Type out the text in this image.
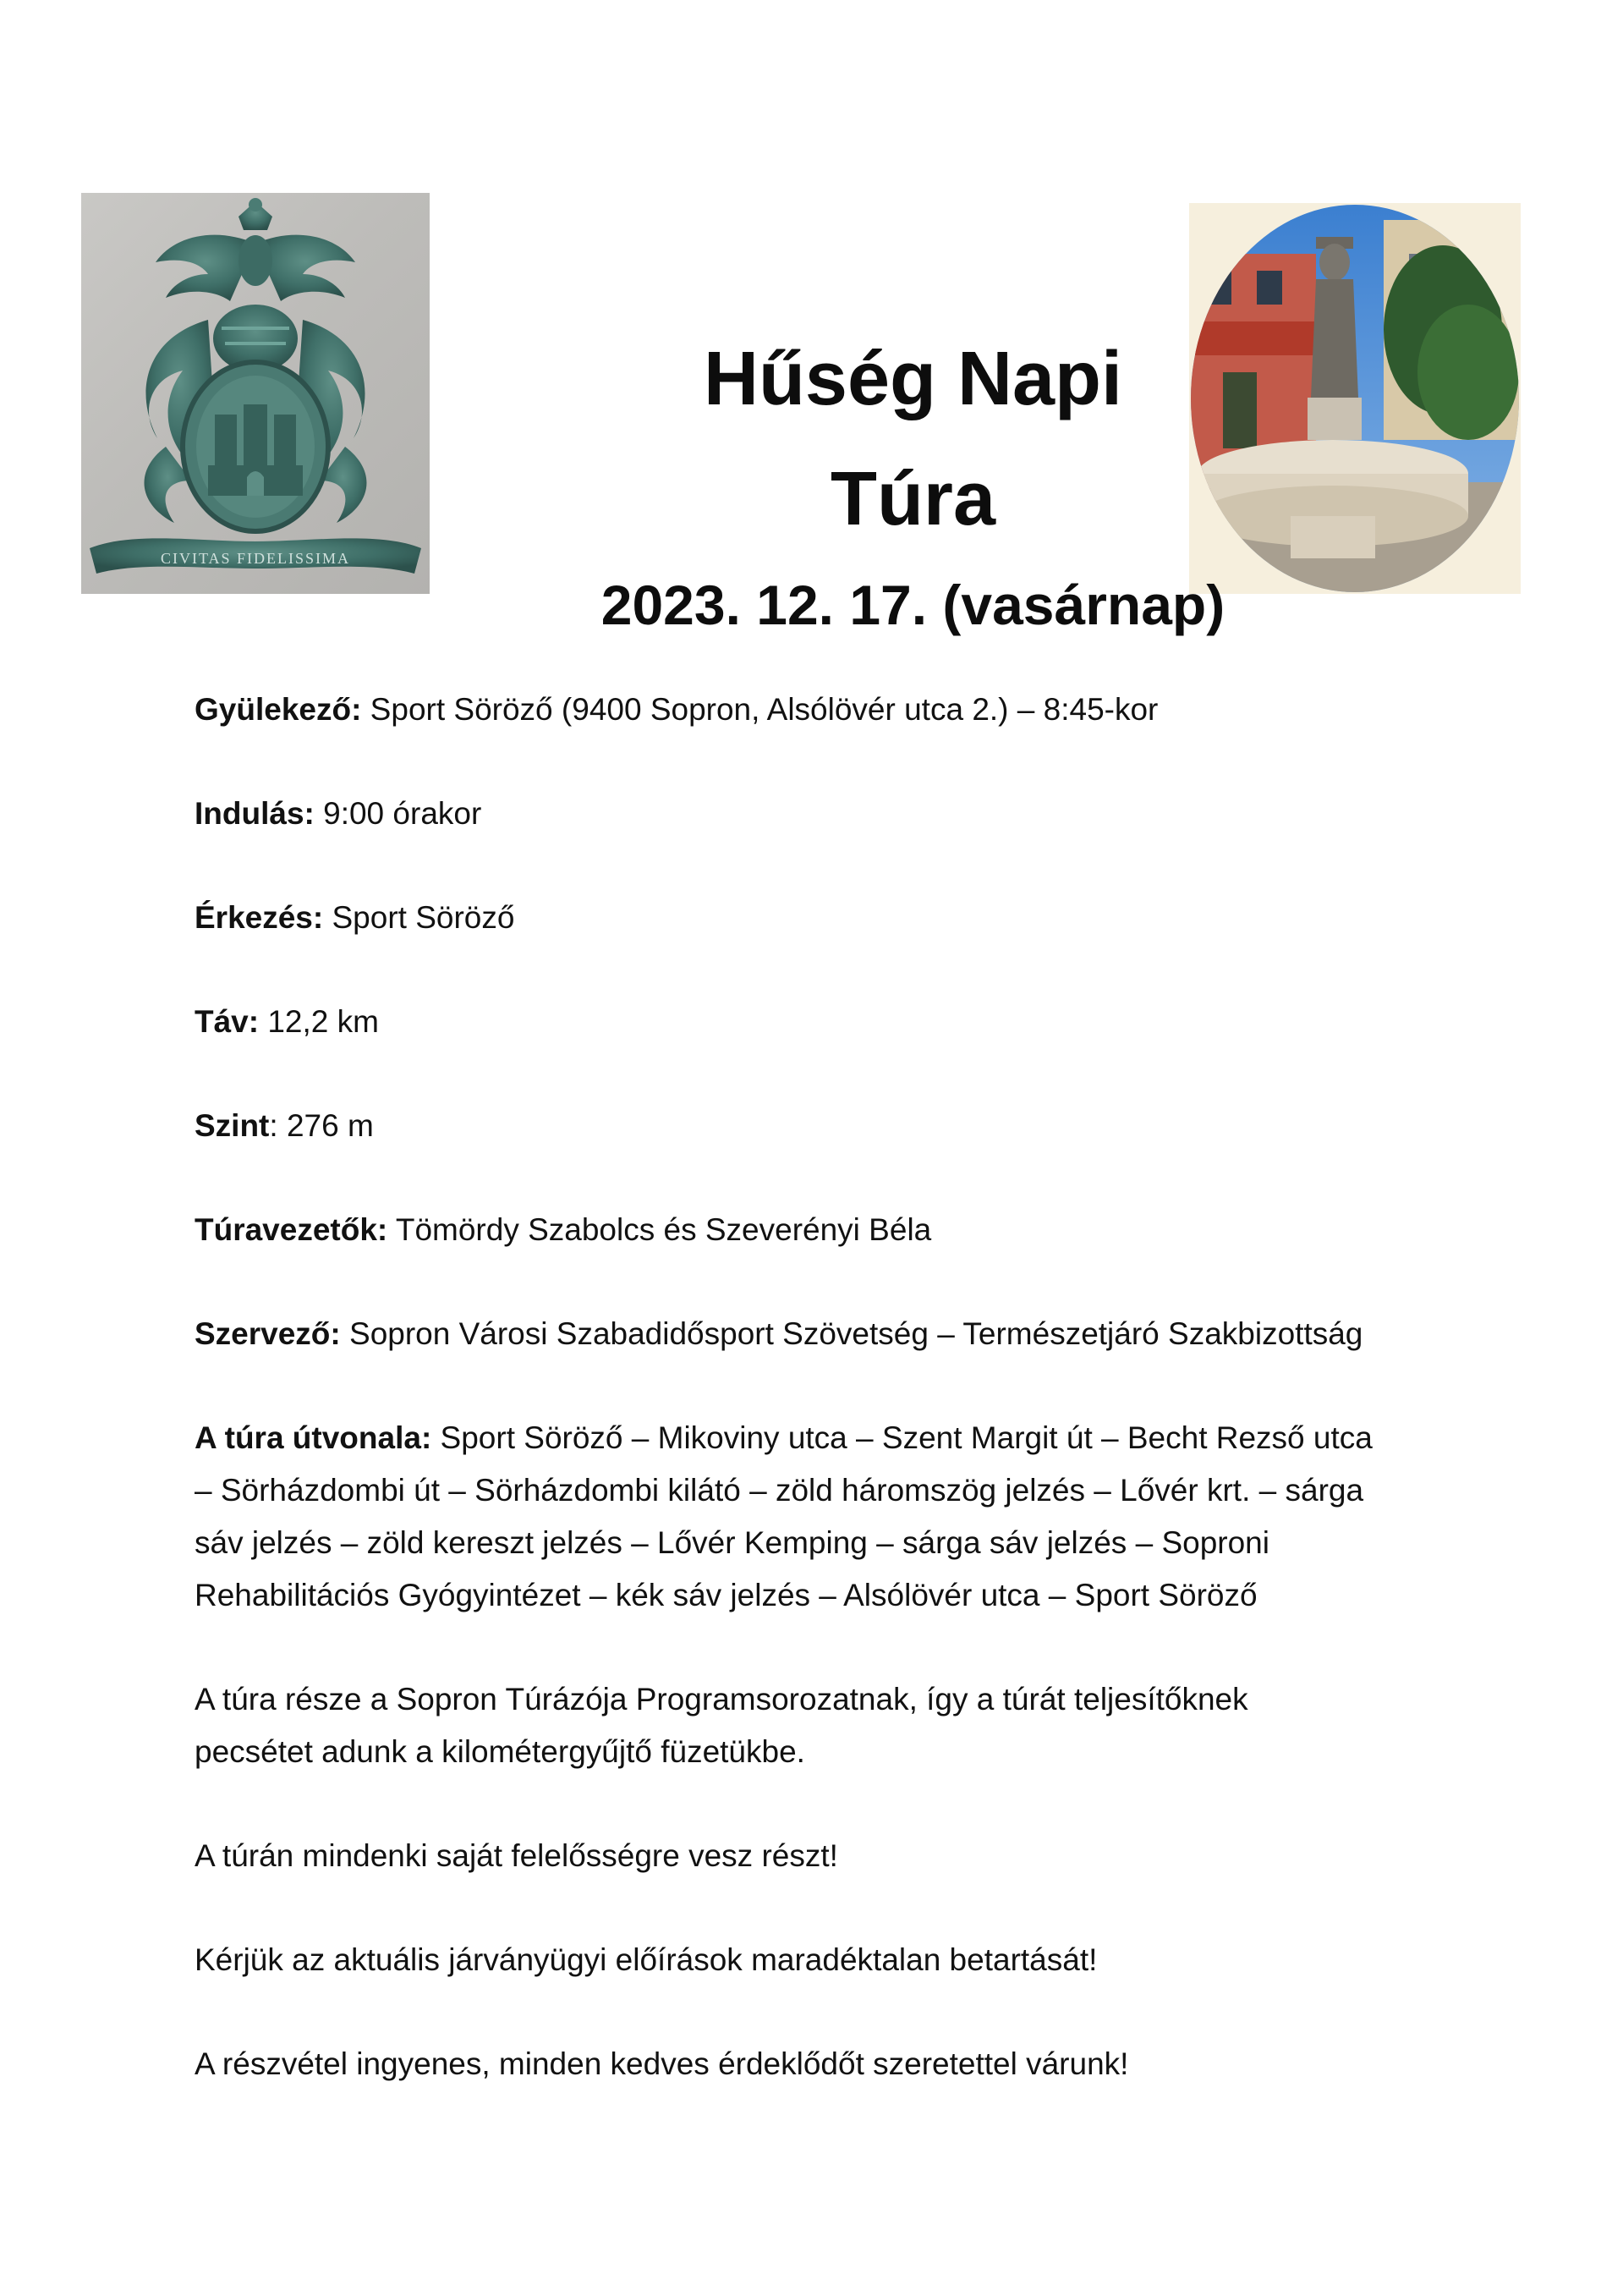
CIVITAS FIDELISSIMA
Hűség Napi
Túra
2023. 12. 17. (vasárnap)

Gyülekező: Sport Söröző (9400 Sopron, Alsólövér utca 2.) – 8:45-kor

Indulás: 9:00 órakor

Érkezés: Sport Söröző

Táv: 12,2 km

Szint: 276 m

Túravezetők: Tömördy Szabolcs és Szeverényi Béla

Szervező: Sopron Városi Szabadidősport Szövetség – Természetjáró Szakbizottság

A túra útvonala: Sport Söröző – Mikoviny utca – Szent Margit út – Becht Rezső utca

– Sörházdombi út – Sörházdombi kilátó – zöld háromszög jelzés – Lővér krt. – sárga

sáv jelzés – zöld kereszt jelzés – Lővér Kemping – sárga sáv jelzés – Soproni

Rehabilitációs Gyógyintézet – kék sáv jelzés – Alsólövér utca – Sport Söröző

A túra része a Sopron Túrázója Programsorozatnak, így a túrát teljesítőknek

pecsétet adunk a kilométergyűjtő füzetükbe.

A túrán mindenki saját felelősségre vesz részt!

Kérjük az aktuális járványügyi előírások maradéktalan betartását!

A részvétel ingyenes, minden kedves érdeklődőt szeretettel várunk!
